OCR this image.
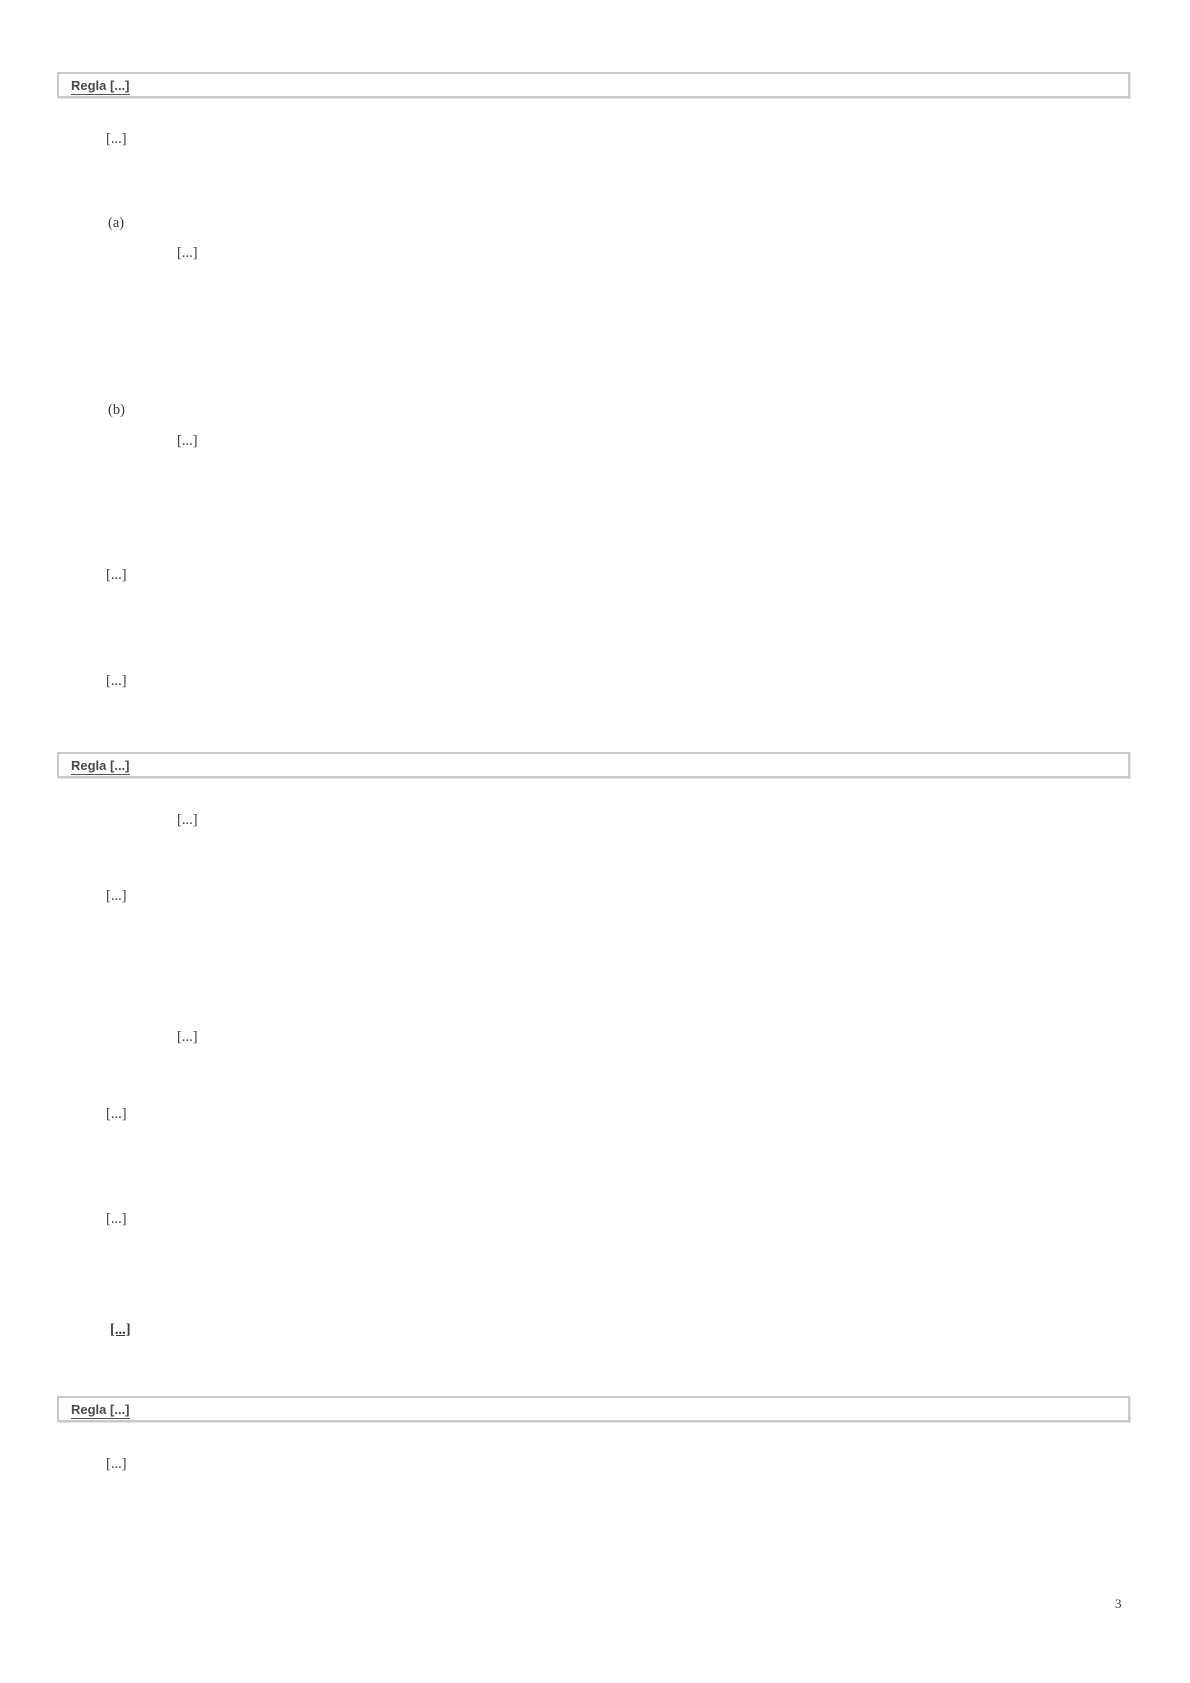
Regla [...]

[...]

(a)

[...]

(b)

[...]

[...]

[...]

Regla [...]

[...]

[...]

[...]

[...]

[...]

[...]

Regla [...]

[...]

3
